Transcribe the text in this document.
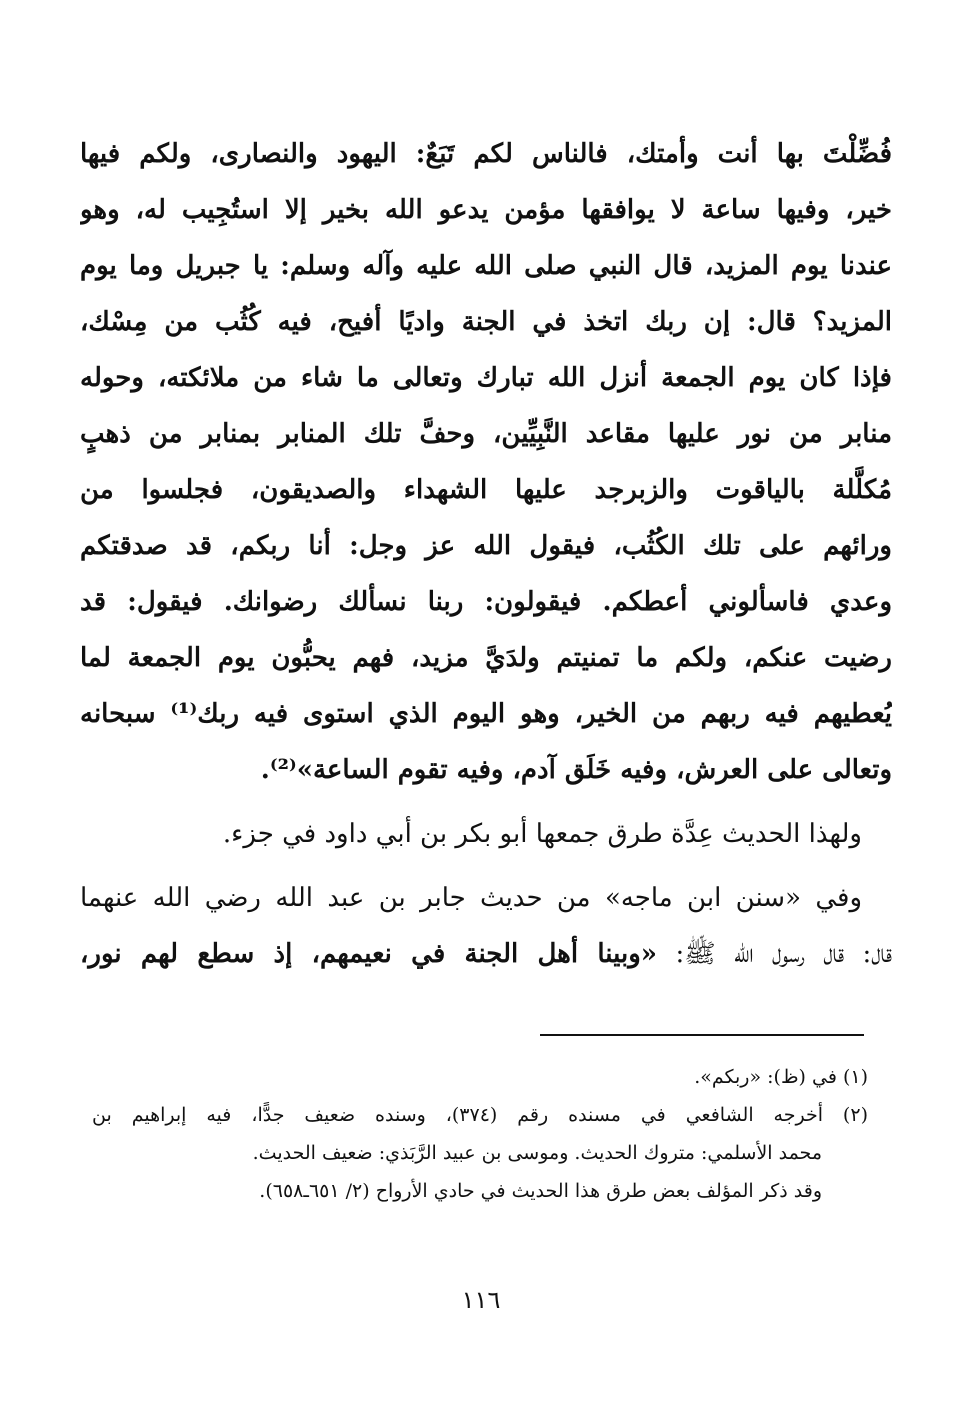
فُضِّلْتَ بها أنت وأمتك، فالناس لكم تَبَعٌ: اليهود والنصارى، ولكم فيها
خير، وفيها ساعة لا يوافقها مؤمن يدعو الله بخير إلا استُجِيب له، وهو
عندنا يوم المزيد، قال النبي صلى الله عليه وآله وسلم: يا جبريل وما يوم
المزيد؟ قال: إن ربك اتخذ في الجنة واديًا أفيح، فيه كُثُب من مِسْك،
فإذا كان يوم الجمعة أنزل الله تبارك وتعالى ما شاء من ملائكته، وحوله
منابر من نور عليها مقاعد النَّبِيِّين، وحفَّ تلك المنابر بمنابر من ذهبٍ
مُكلَّلة بالياقوت والزبرجد عليها الشهداء والصديقون، فجلسوا من
ورائهم على تلك الكُثُب، فيقول الله عز وجل: أنا ربكم، قد صدقتكم
وعدي فاسألوني أعطكم. فيقولون: ربنا نسألك رضوانك. فيقول: قد
رضيت عنكم، ولكم ما تمنيتم ولدَيَّ مزيد، فهم يحبُّون يوم الجمعة لما
يُعطيهم فيه ربهم من الخير، وهو اليوم الذي استوى فيه ربك⁽¹⁾ سبحانه
وتعالى على العرش، وفيه خَلَق آدم، وفيه تقوم الساعة»⁽²⁾.
ولهذا الحديث عِدَّة طرق جمعها أبو بكر بن أبي داود في جزء.
وفي «سنن ابن ماجه» من حديث جابر بن عبد الله رضي الله عنهما
قال: قال رسول الله ﷺ: «وبينا أهل الجنة في نعيمهم، إذ سطع لهم نور،
(١) في (ظ): «ربكم».
(٢) أخرجه الشافعي في مسنده رقم (٣٧٤)، وسنده ضعيف جدًّا، فيه إبراهيم بن
محمد الأسلمي: متروك الحديث. وموسى بن عبيد الرَّبَذي: ضعيف الحديث.
وقد ذكر المؤلف بعض طرق هذا الحديث في حادي الأرواح (٢/ ٦٥١ـ٦٥٨).
١١٦
